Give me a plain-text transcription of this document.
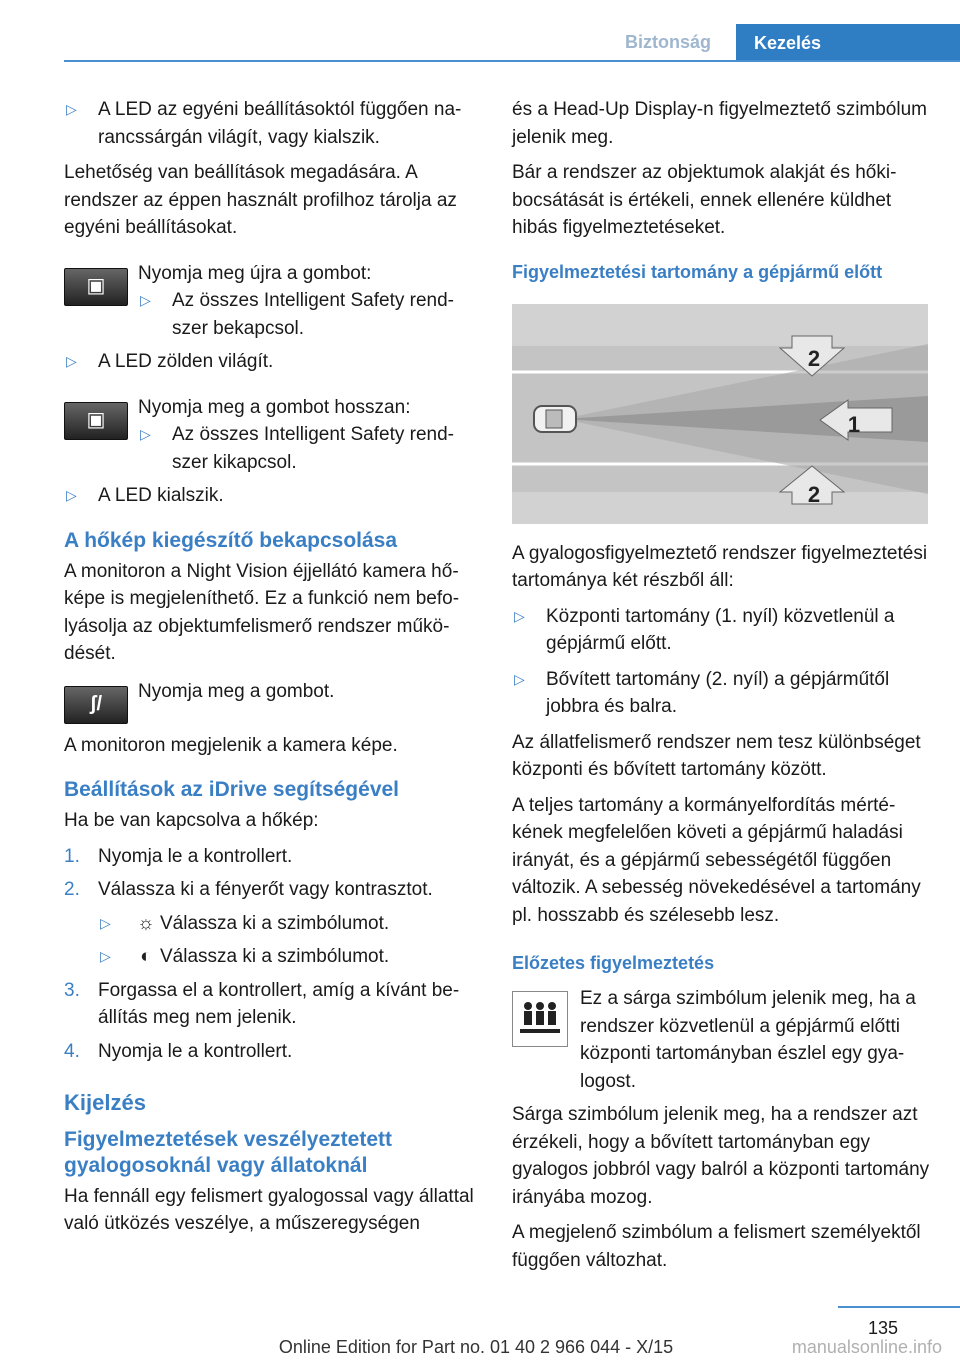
Biztonság	Kezelés
▷ A LED az egyéni beállításoktól függően narancssárgán világít, vagy kialszik.

Lehetőség van beállítások megadására. A rendszer az éppen használt profilhoz tárolja az egyéni beállításokat.

▣
Nyomja meg újra a gombot:
▷ Az összes Intelligent Safety rendszer bekapcsol.
▷ A LED zölden világít.
▣
Nyomja meg a gombot hosszan:
▷ Az összes Intelligent Safety rendszer kikapcsol.
▷ A LED kialszik.
A hőkép kiegészítő bekapcsolása

A monitoron a Night Vision éjjellátó kamera hőképe is megjeleníthető. Ez a funkció nem befolyásolja az objektumfelismerő rendszer működését.

ʃ/
Nyomja meg a gombot.

A monitoron megjelenik a kamera képe.

Beállítások az iDrive segítségével

Ha be van kapcsolva a hőkép:

1. Nyomja le a kontrollert.
2. Válassza ki a fényerőt vagy kontrasztot.
▷ ☼ Válassza ki a szimbólumot.
▷ ◐ Válassza ki a szimbólumot.
3. Forgassa el a kontrollert, amíg a kívánt beállítás meg nem jelenik.
4. Nyomja le a kontrollert.
Kijelzés
Figyelmeztetések veszélyeztetett gyalogosoknál vagy állatoknál

Ha fennáll egy felismert gyalogossal vagy állattal való ütközés veszélye, a műszeregységen

és a Head-Up Display-n figyelmeztető szimbólum jelenik meg.

Bár a rendszer az objektumok alakját és hőkibocsátását is értékeli, ennek ellenére küldhet hibás figyelmeztetéseket.

Figyelmeztetési tartomány a gépjármű előtt
2
1
2

A gyalogosfigyelmeztető rendszer figyelmeztetési tartománya két részből áll:

▷ Központi tartomány (1. nyíl) közvetlenül a gépjármű előtt.
▷ Bővített tartomány (2. nyíl) a gépjárműtől jobbra és balra.

Az állatfelismerő rendszer nem tesz különbséget központi és bővített tartomány között.

A teljes tartomány a kormányelfordítás mértékének megfelelően követi a gépjármű haladási irányát, és a gépjármű sebességétől függően változik. A sebesség növekedésével a tartomány pl. hosszabb és szélesebb lesz.

Előzetes figyelmeztetés
Ez a sárga szimbólum jelenik meg, ha a rendszer közvetlenül a gépjármű előtti központi tartományban észlel egy gyalogost.

Sárga szimbólum jelenik meg, ha a rendszer azt érzékeli, hogy a bővített tartományban egy gyalogos jobbról vagy balról a központi tartomány irányába mozog.

A megjelenő szimbólum a felismert személyektől függően változhat.

135
Online Edition for Part no. 01 40 2 966 044 - X/15	manualsonline.info
